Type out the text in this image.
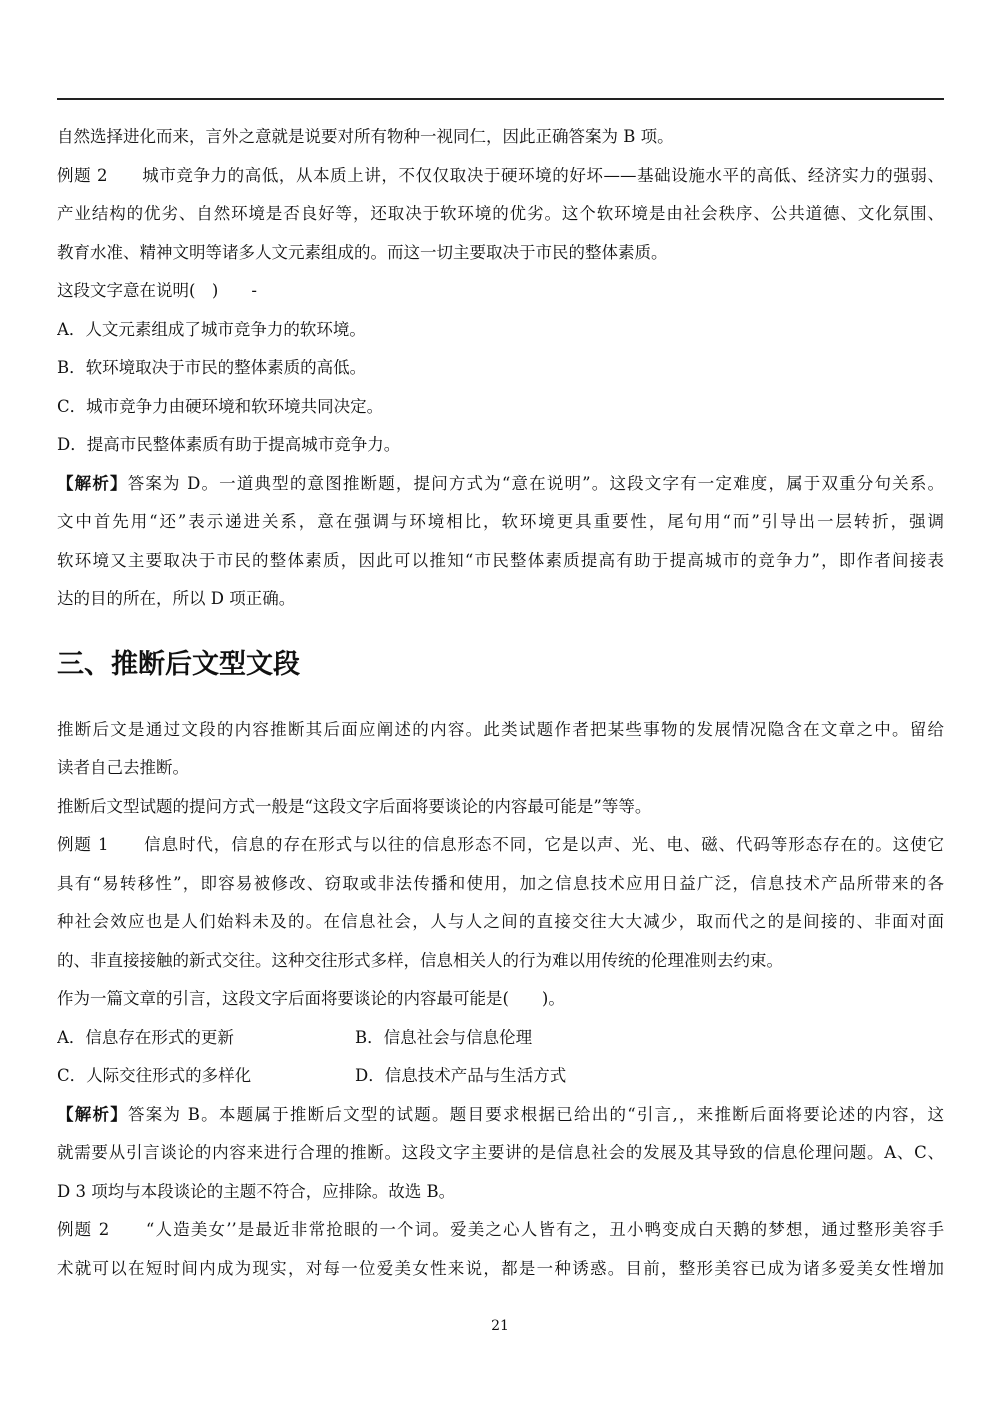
自然选择进化而来，言外之意就是说要对所有物种一视同仁，因此正确答案为 B 项。
例题 2　　城市竞争力的高低，从本质上讲，不仅仅取决于硬环境的好坏——基础设施水平的高低、经济实力的强弱、
产业结构的优劣、自然环境是否良好等，还取决于软环境的优劣。这个软环境是由社会秩序、公共道德、文化氛围、
教育水准、精神文明等诸多人文元素组成的。而这一切主要取决于市民的整体素质。
这段文字意在说明(　)　　-
A．人文元素组成了城市竞争力的软环境。
B．软环境取决于市民的整体素质的高低。
C．城市竞争力由硬环境和软环境共同决定。
D．提高市民整体素质有助于提高城市竞争力。
【解析】答案为 D。一道典型的意图推断题，提问方式为“意在说明”。这段文字有一定难度，属于双重分句关系。
文中首先用“还”表示递进关系，意在强调与环境相比，软环境更具重要性，尾句用“而”引导出一层转折，强调
软环境又主要取决于市民的整体素质，因此可以推知“市民整体素质提高有助于提高城市的竞争力”，即作者间接表
达的目的所在，所以 D 项正确。
三、推断后文型文段
推断后文是通过文段的内容推断其后面应阐述的内容。此类试题作者把某些事物的发展情况隐含在文章之中。留给
读者自己去推断。
推断后文型试题的提问方式一般是“这段文字后面将要谈论的内容最可能是”等等。
例题 1　　信息时代，信息的存在形式与以往的信息形态不同，它是以声、光、电、磁、代码等形态存在的。这使它
具有“易转移性”，即容易被修改、窃取或非法传播和使用，加之信息技术应用日益广泛，信息技术产品所带来的各
种社会效应也是人们始料未及的。在信息社会，人与人之间的直接交往大大减少，取而代之的是间接的、非面对面
的、非直接接触的新式交往。这种交往形式多样，信息相关人的行为难以用传统的伦理准则去约束。
作为一篇文章的引言，这段文字后面将要谈论的内容最可能是(　　)。
A．信息存在形式的更新	B．信息社会与信息伦理
C．人际交往形式的多样化	D．信息技术产品与生活方式
【解析】答案为 B。本题属于推断后文型的试题。题目要求根据已给出的“引言,，来推断后面将要论述的内容，这
就需要从引言谈论的内容来进行合理的推断。这段文字主要讲的是信息社会的发展及其导致的信息伦理问题。A、C、
D 3 项均与本段谈论的主题不符合，应排除。故选 B。
例题 2　　“人造美女’’是最近非常抢眼的一个词。爱美之心人皆有之，丑小鸭变成白天鹅的梦想，通过整形美容手
术就可以在短时间内成为现实，对每一位爱美女性来说，都是一种诱惑。目前，整形美容已成为诸多爱美女性增加
21
